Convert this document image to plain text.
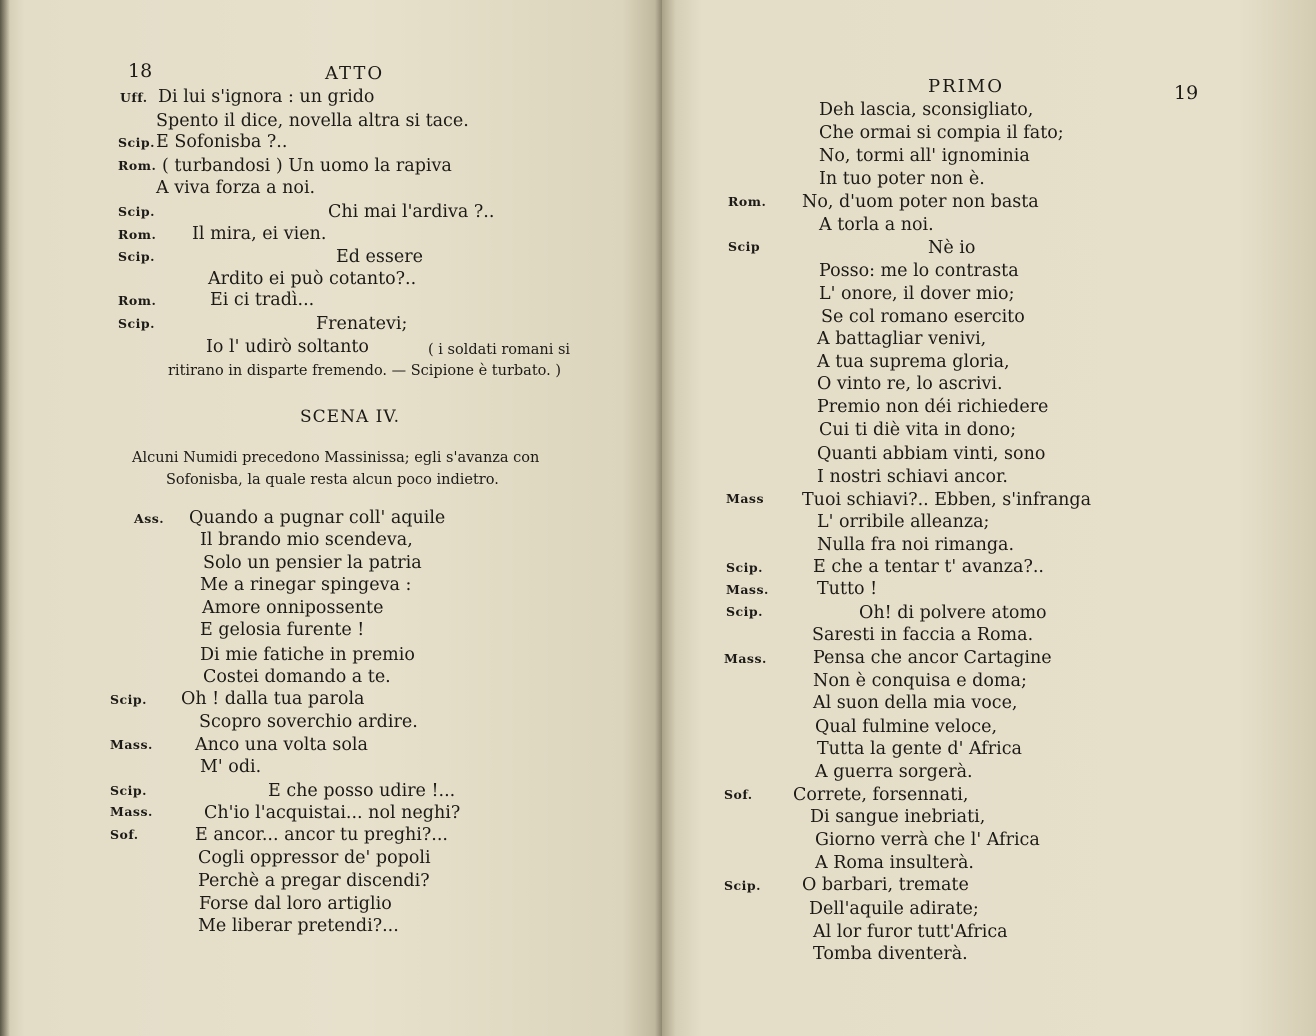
18	ATTO
Uff. Di lui s'ignora : un grido
Spento il dice, novella altra si tace.
Scip. E Sofonisba ?..
Rom. ( turbandosi ) Un uomo la rapiva
A viva forza a noi.
Scip.	Chi mai l'ardiva ?..
Rom. Il mira, ei vien.
Scip.	Ed essere
Ardito ei può cotanto?..
Rom.	Ei ci tradì...
Scip.	Frenatevi;
Io l' udirò soltanto	( i soldati romani si
ritirano in disparte fremendo. — Scipione è turbato. )
SCENA IV.
Alcuni Numidi precedono Massinissa; egli s'avanza con
Sofonisba, la quale resta alcun poco indietro.
Ass. Quando a pugnar coll' aquile
Il brando mio scendeva,
Solo un pensier la patria
Me a rinegar spingeva :
Amore onnipossente
E gelosia furente !
Di mie fatiche in premio
Costei domando a te.
Scip. Oh ! dalla tua parola
Scopro soverchio ardire.
Mass. Anco una volta sola
M' odi.
Scip.	E che posso udire !...
Mass.	Ch'io l'acquistai... nol neghi?
Sof.	E ancor... ancor tu preghi?...
Cogli oppressor de' popoli
Perchè a pregar discendi?
Forse dal loro artiglio
Me liberar pretendi?...
PRIMO	19
Deh lascia, sconsigliato,
Che ormai si compia il fato;
No, tormi all' ignominia
In tuo poter non è.
Rom. No, d'uom poter non basta
A torla a noi.
Scip	Nè io
Posso: me lo contrasta
L' onore, il dover mio;
Se col romano esercito
A battagliar venivi,
A tua suprema gloria,
O vinto re, lo ascrivi.
Premio non déi richiedere
Cui ti diè vita in dono;
Quanti abbiam vinti, sono
I nostri schiavi ancor.
Mass Tuoi schiavi?.. Ebben, s'infranga
L' orribile alleanza;
Nulla fra noi rimanga.
Scip.	E che a tentar t' avanza?..
Mass.	Tutto !
Scip.	Oh! di polvere atomo
Saresti in faccia a Roma.
Mass.	Pensa che ancor Cartagine
Non è conquisa e doma;
Al suon della mia voce,
Qual fulmine veloce,
Tutta la gente d' Africa
A guerra sorgerà.
Sof. Correte, forsennati,
Di sangue inebriati,
Giorno verrà che l' Africa
A Roma insulterà.
Scip. O barbari, tremate
Dell'aquile adirate;
Al lor furor tutt'Africa
Tomba diventerà.
